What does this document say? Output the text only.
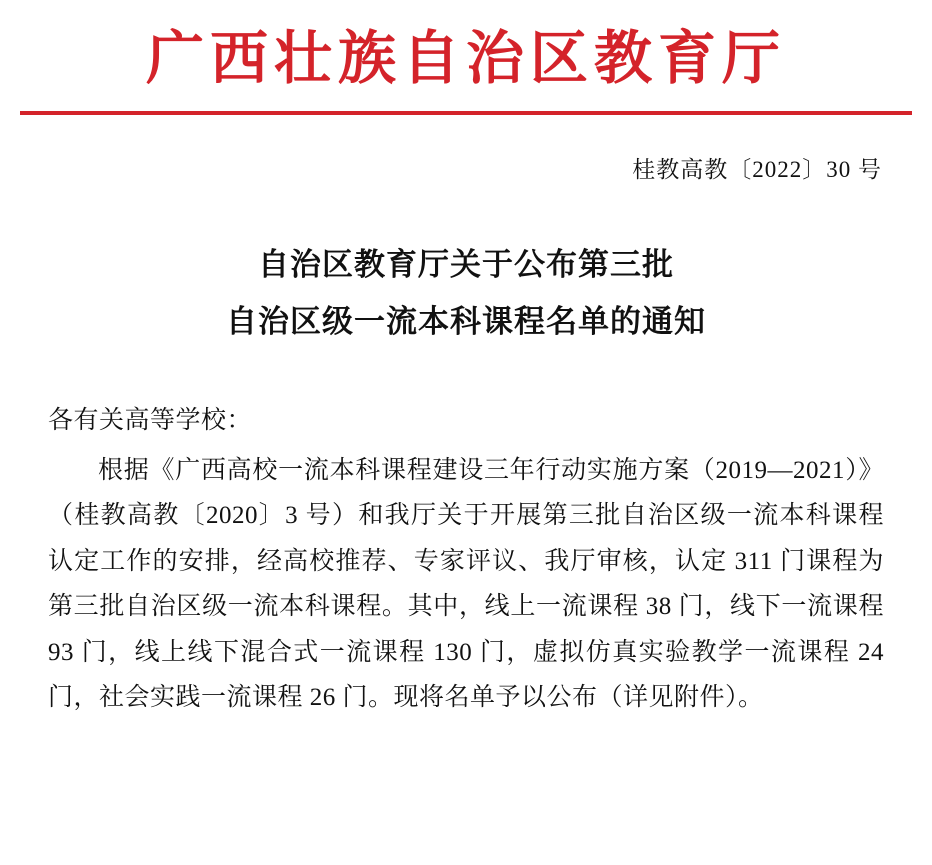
广西壮族自治区教育厅
桂教高教〔2022〕30 号
自治区教育厅关于公布第三批
自治区级一流本科课程名单的通知

各有关高等学校：

根据《广西高校一流本科课程建设三年行动实施方案（2019—2021）》（桂教高教〔2020〕3 号）和我厅关于开展第三批自治区级一流本科课程认定工作的安排，经高校推荐、专家评议、我厅审核，认定 311 门课程为第三批自治区级一流本科课程。其中，线上一流课程 38 门，线下一流课程 93 门，线上线下混合式一流课程 130 门，虚拟仿真实验教学一流课程 24 门，社会实践一流课程 26 门。现将名单予以公布（详见附件）。
